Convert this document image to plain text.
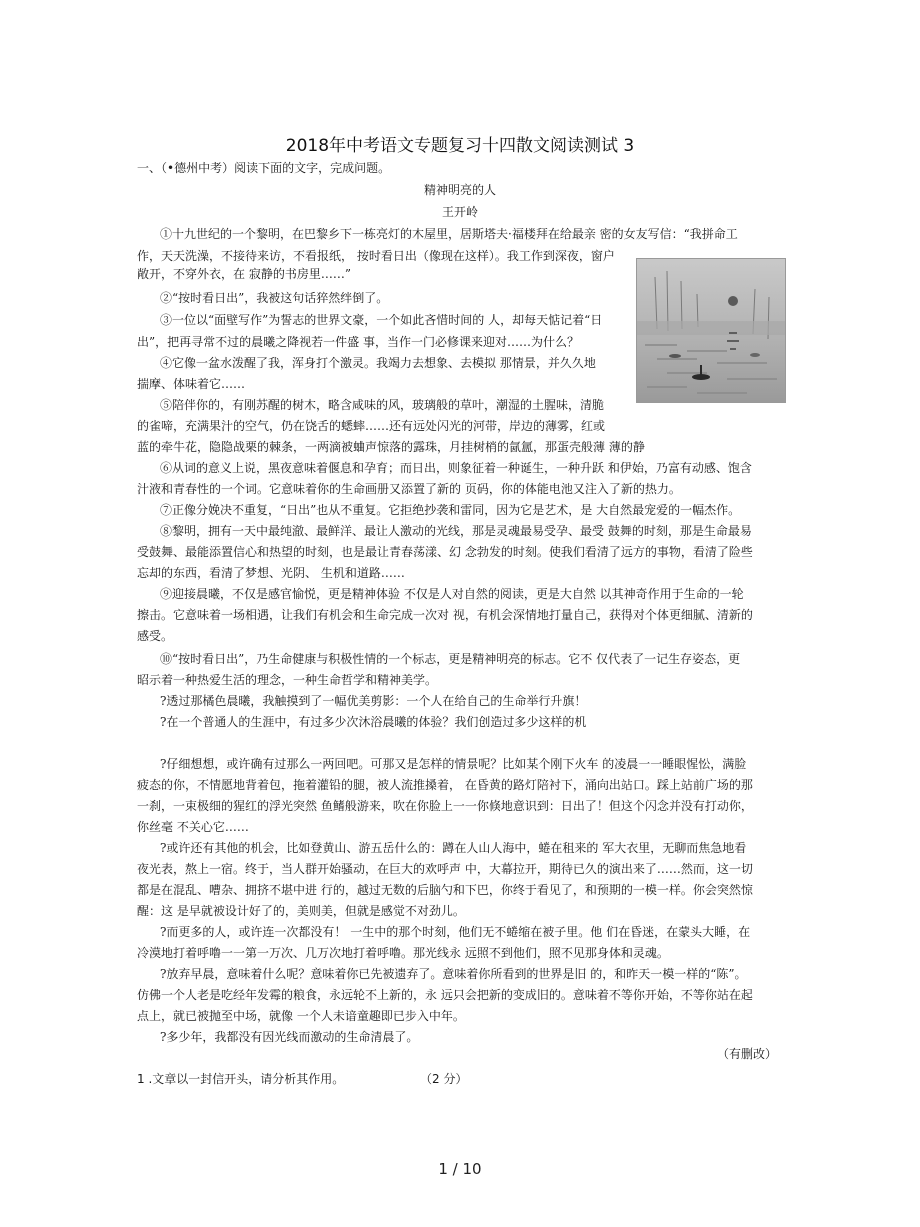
2018年中考语文专题复习十四散文阅读测试 3
一、（•德州中考）阅读下面的文字，完成问题。
精神明亮的人
王开岭
①十九世纪的一个黎明，在巴黎乡下一栋亮灯的木屋里，居斯塔夫·福楼拜在给最亲 密的女友写信：“我拼命工
作，天天洗澡，不接待来访，不看报纸， 按时看日出（像现在这样）。我工作到深夜，窗户
敞开，不穿外衣，在 寂静的书房里……”
②“按时看日出”，我被这句话猝然绊倒了。
③一位以“面壁写作”为誓志的世界文豪，一个如此吝惜时间的 人，却每天惦记着“日
出”，把再寻常不过的晨曦之降视若一件盛 事，当作一门必修课来迎对……为什么？
④它像一盆水泼醒了我，浑身打个激灵。我竭力去想象、去模拟 那情景，并久久地
揣摩、体味着它……
⑤陪伴你的，有刚苏醒的树木，略含咸味的风，玻璃般的草叶，潮湿的土腥味，清脆
的雀啼，充满果汁的空气，仍在饶舌的蟋蟀……还有远处闪光的河带，岸边的薄雾，红或
蓝的牵牛花，隐隐战栗的棘条，一两滴被蛐声惊落的露珠，月挂树梢的氤氲，那蛋壳般薄 薄的静
⑥从词的意义上说，黑夜意味着偃息和孕育；而日出，则象征着一种诞生，一种升跃 和伊始，乃富有动感、饱含
汁液和青春性的一个词。它意味着你的生命画册又添置了新的 页码，你的体能电池又注入了新的热力。
⑦正像分娩决不重复，“日出”也从不重复。它拒绝抄袭和雷同，因为它是艺术，是 大自然最宠爱的一幅杰作。
⑧黎明，拥有一天中最纯澈、最鲜洋、最让人激动的光线，那是灵魂最易受孕、最受 鼓舞的时刻，那是生命最易
受鼓舞、最能添置信心和热望的时刻，也是最让青春荡漾、幻 念勃发的时刻。使我们看清了远方的事物，看清了险些
忘却的东西，看清了梦想、光阴、 生机和道路……
⑨迎接晨曦，不仅是感官愉悦，更是精神体验 不仅是人对自然的阅读，更是大自然 以其神奇作用于生命的一轮
擦击。它意味着一场相遇，让我们有机会和生命完成一次对 视，有机会深情地打量自己，获得对个体更细腻、清新的
感受。
⑩“按时看日出”，乃生命健康与积极性情的一个标志，更是精神明亮的标志。它不 仅代表了一记生存姿态，更
昭示着一种热爱生活的理念，一种生命哲学和精神美学。
?透过那橘色晨曦，我触摸到了一幅优美剪影：一个人在给自己的生命举行升旗！
?在一个普通人的生涯中，有过多少次沐浴晨曦的体验？我们创造过多少这样的机
?仔细想想，或许确有过那么一两回吧。可那又是怎样的情景呢？比如某个刚下火车 的凌晨一一睡眼惺忪，满脸
疲态的你，不情愿地背着包，拖着灌铅的腿，被人流推搡着， 在昏黄的路灯陪衬下，涌向出站口。踩上站前广场的那
一刹，一束极细的猩红的浮光突然 鱼鳍般游来，吹在你脸上一一你倏地意识到：日出了！但这个闪念并没有打动你，
你丝毫 不关心它……
?或许还有其他的机会，比如登黄山、游五岳什么的：蹲在人山人海中，蜷在租来的 军大衣里，无聊而焦急地看
夜光表，熬上一宿。终于，当人群开始骚动，在巨大的欢呼声 中，大幕拉开，期待已久的演出来了……然而，这一切
都是在混乱、嘈杂、拥挤不堪中进 行的，越过无数的后脑勺和下巴，你终于看见了，和预期的一模一样。你会突然惊
醒：这 是早就被设计好了的，美则美，但就是感觉不对劲儿。
?而更多的人，或许连一次都没有！ 一生中的那个时刻，他们无不蜷缩在被子里。他 们在昏迷，在蒙头大睡，在
冷漠地打着呼噜一一第一万次、几万次地打着呼噜。那光线永 远照不到他们，照不见那身体和灵魂。
?放弃早晨，意味着什么呢？意味着你已先被遗弃了。意味着你所看到的世界是旧 的，和昨天一模一样的“陈”。
仿佛一个人老是吃经年发霉的粮食，永远轮不上新的，永 远只会把新的变成旧的。意味着不等你开始，不等你站在起
点上，就已被抛至中场，就像 一个人未谙童趣即已步入中年。
?多少年，我都没有因光线而激动的生命清晨了。
（有删改）
1 .文章以一封信开头，请分析其作用。	（2 分）
1 / 10
